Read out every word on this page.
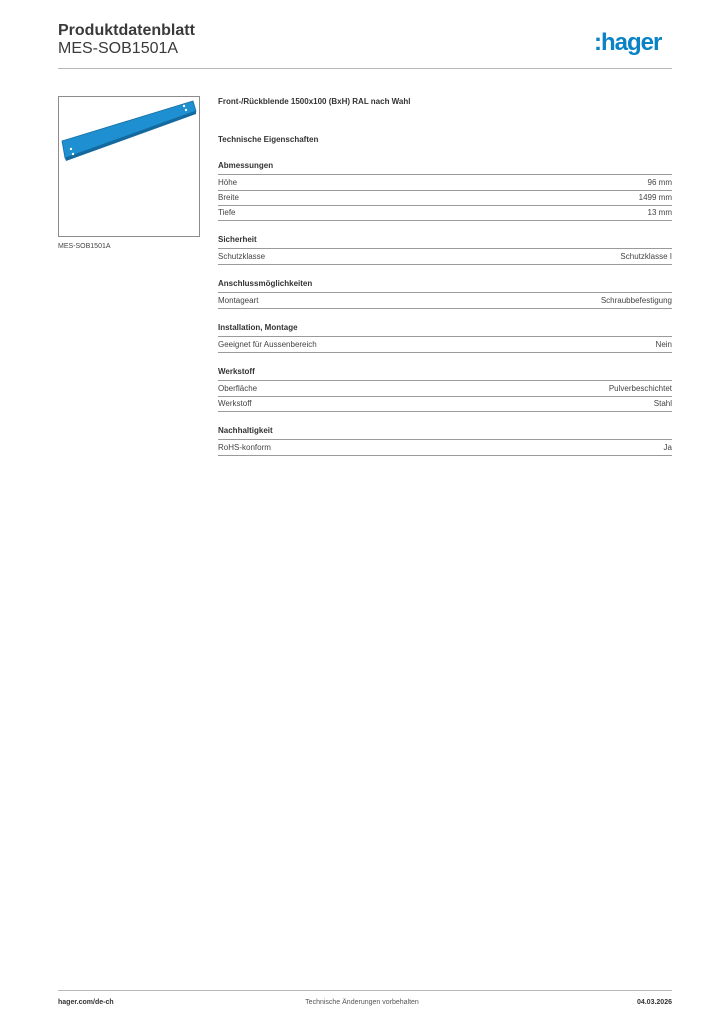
Produktdatenblatt
MES-SOB1501A	:hager
MES-SOB1501A
Front-/Rückblende 1500x100 (BxH) RAL nach Wahl
Technische Eigenschaften
Abmessungen
Höhe	96 mm
Breite	1499 mm
Tiefe	13 mm
Sicherheit
Schutzklasse	Schutzklasse I
Anschlussmöglichkeiten
Montageart	Schraubbefestigung
Installation, Montage
Geeignet für Aussenbereich	Nein
Werkstoff
Oberfläche	Pulverbeschichtet
Werkstoff	Stahl
Nachhaltigkeit
RoHS-konform	Ja
hager.com/de-ch	Technische Änderungen vorbehalten	04.03.2026
